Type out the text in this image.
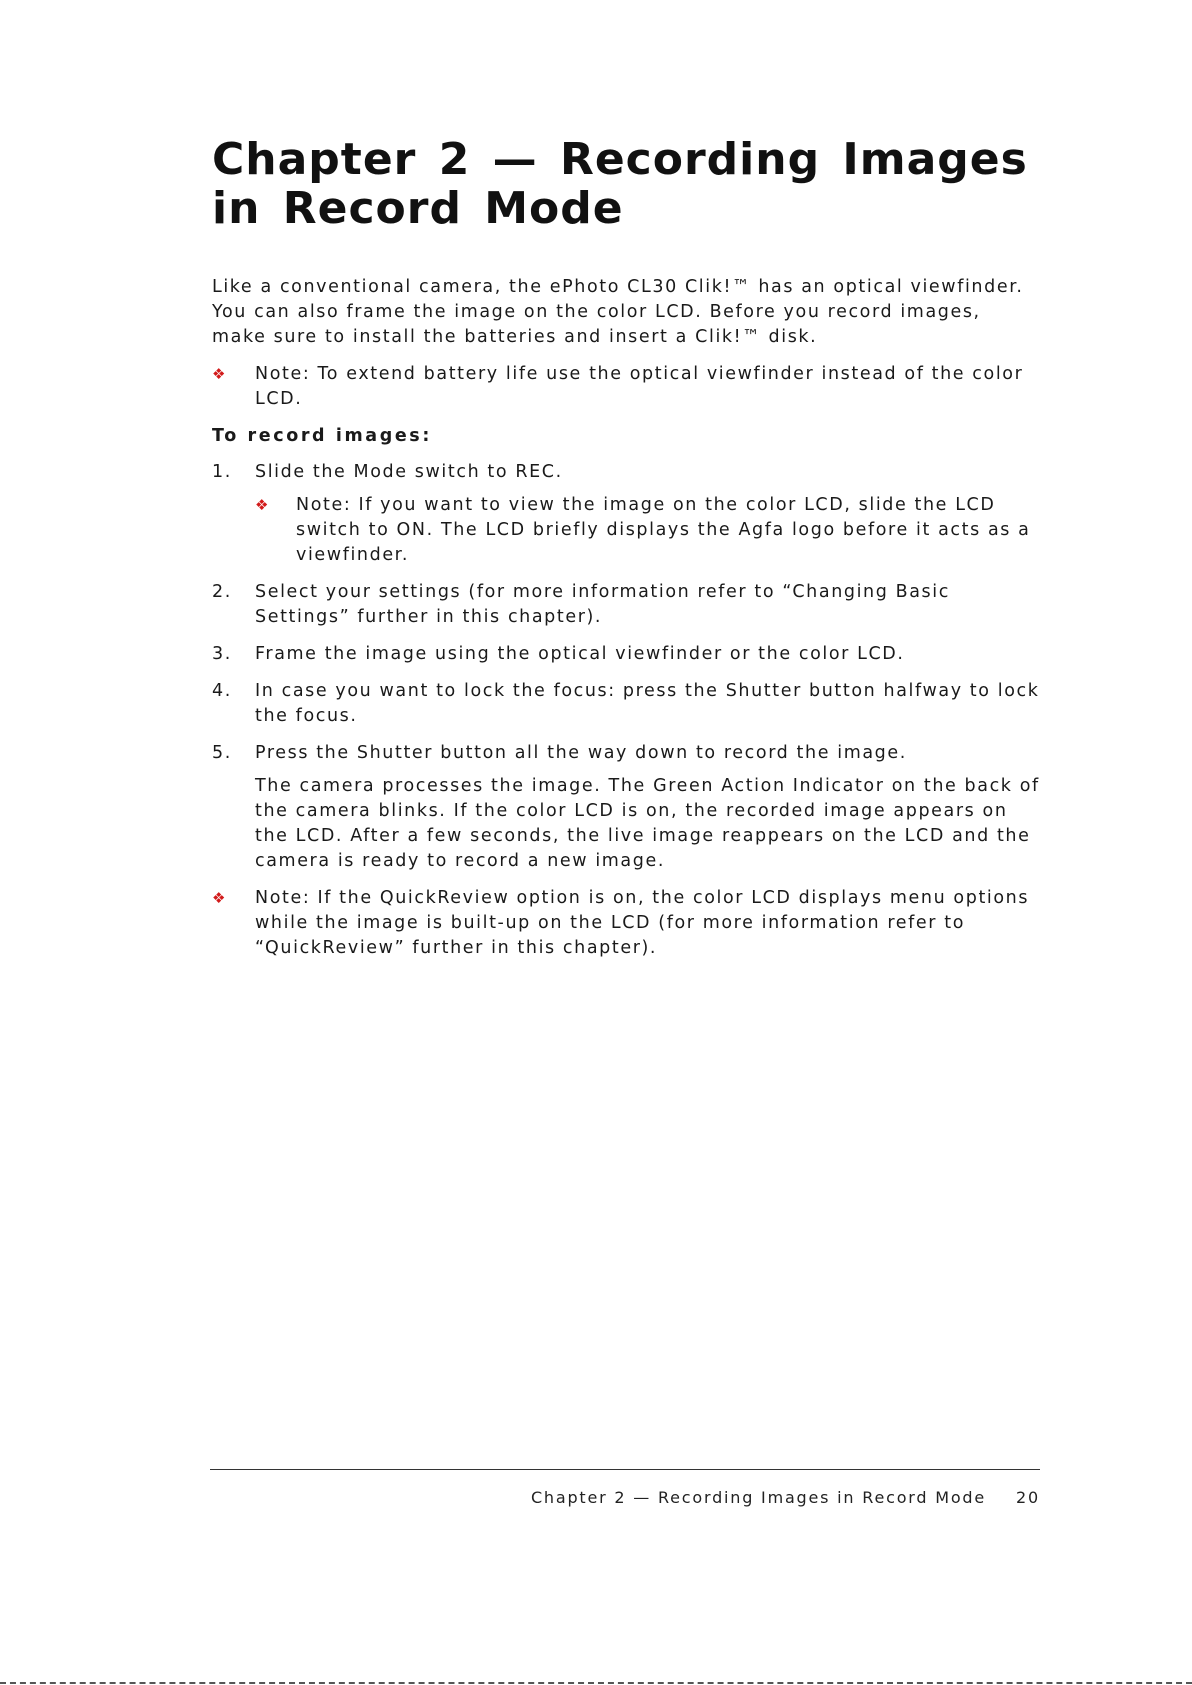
Chapter 2 — Recording Images in Record Mode

Like a conventional camera, the ePhoto CL30 Clik!™ has an optical viewfinder. You can also frame the image on the color LCD. Before you record images, make sure to install the batteries and insert a Clik!™ disk.

❖ Note: To extend battery life use the optical viewfinder instead of the color LCD.
To record images:
1. Slide the Mode switch to REC.
❖ Note: If you want to view the image on the color LCD, slide the LCD switch to ON. The LCD briefly displays the Agfa logo before it acts as a viewfinder.
2. Select your settings (for more information refer to “Changing Basic Settings” further in this chapter).
3. Frame the image using the optical viewfinder or the color LCD.
4. In case you want to lock the focus: press the Shutter button halfway to lock the focus.
5. Press the Shutter button all the way down to record the image.
The camera processes the image. The Green Action Indicator on the back of the camera blinks. If the color LCD is on, the recorded image appears on the LCD. After a few seconds, the live image reappears on the LCD and the camera is ready to record a new image.
❖ Note: If the QuickReview option is on, the color LCD displays menu options while the image is built-up on the LCD (for more information refer to “QuickReview” further in this chapter).
Chapter 2 — Recording Images in Record Mode 20
